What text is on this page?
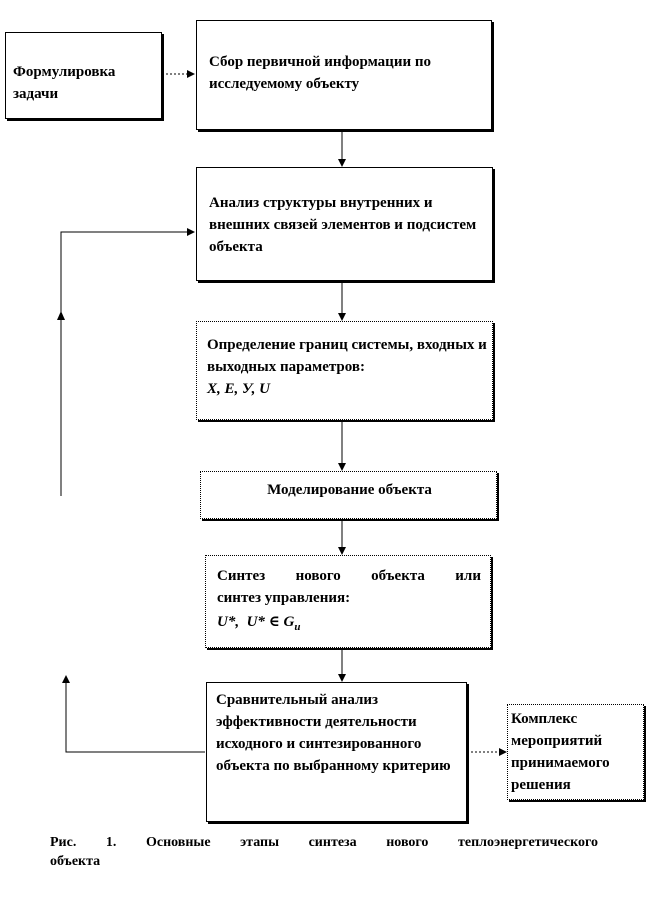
Формулировка задачи
Сбор первичной информации по исследуемому объекту
Анализ структуры внутренних и внешних связей элементов и подсистем объекта
Определение границ системы, входных и выходных параметров:
X, E, У, U
Моделирование объекта
Синтез нового объекта или
синтез управления:
U*, U* ∈ $G_u$
Сравнительный анализ эффективности деятельности исходного и синтезированного объекта по выбранному критерию
Комплекс мероприятий принимаемого решения
Рис. 1. Основные этапы синтеза нового теплоэнергетического
объекта
